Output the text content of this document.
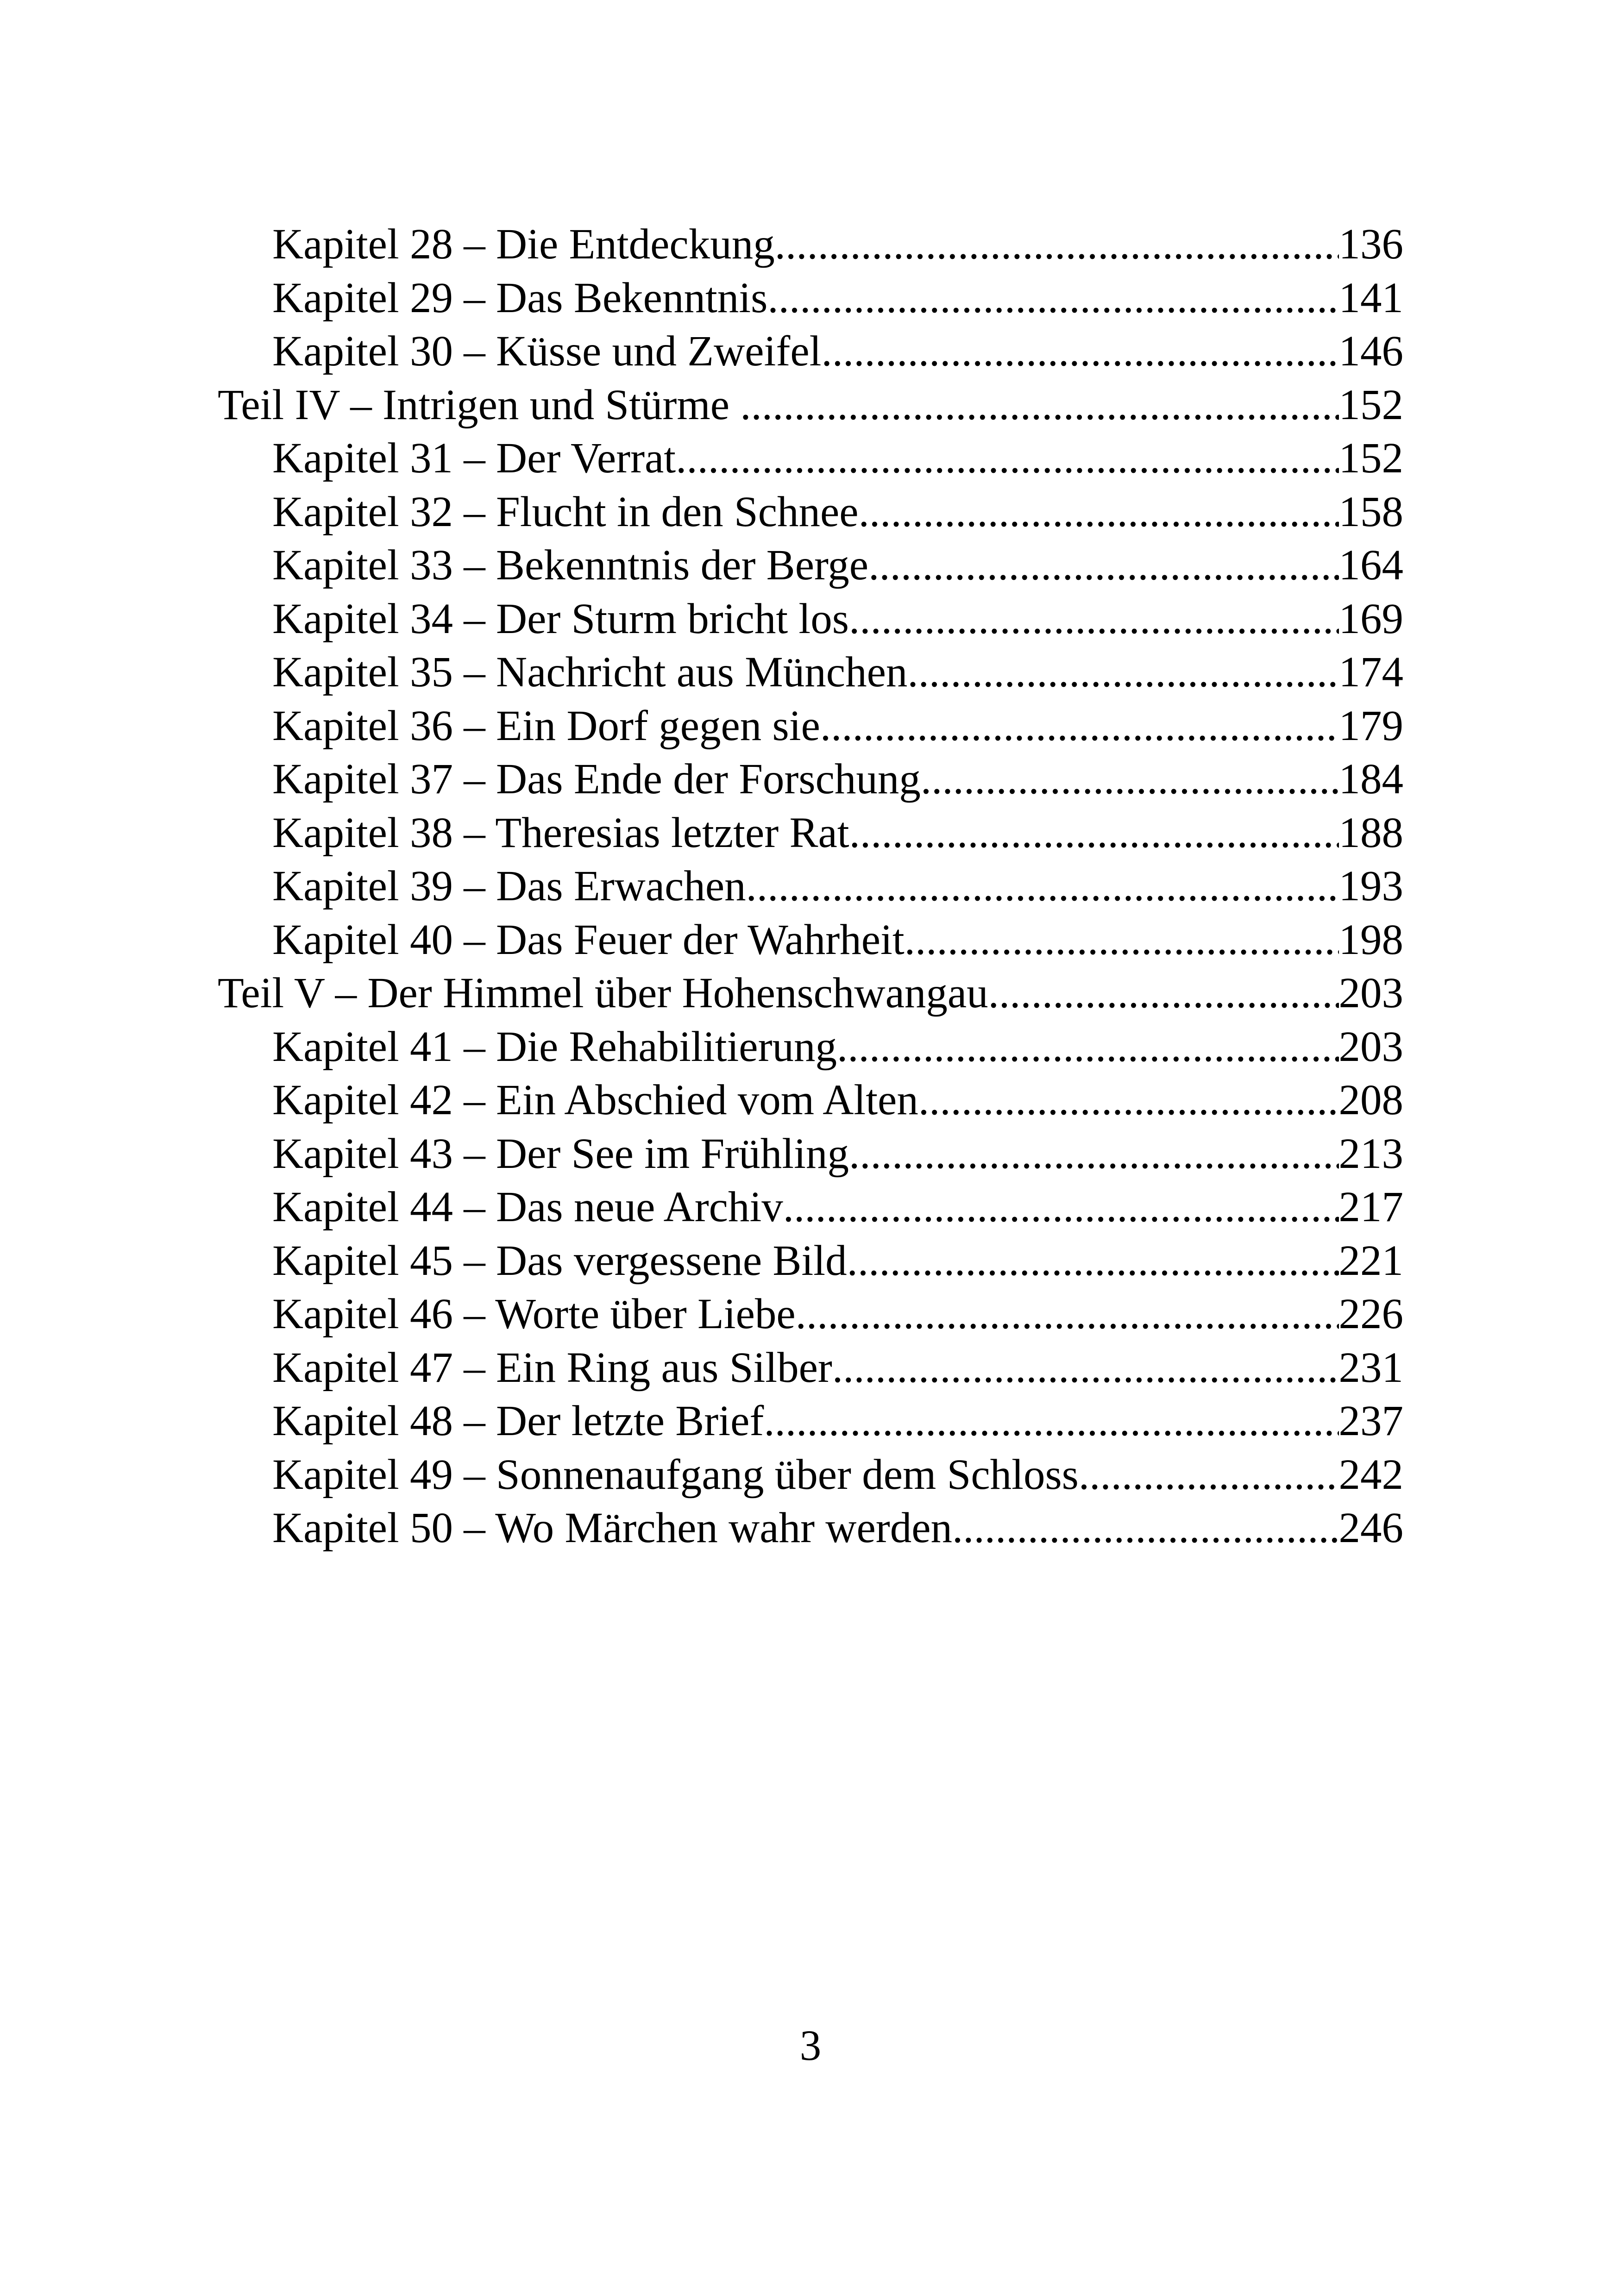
Kapitel 28 – Die Entdeckung .....	136
Kapitel 29 – Das Bekenntnis .....	141
Kapitel 30 – Küsse und Zweifel .....	146
Teil IV – Intrigen und Stürme .....	152
Kapitel 31 – Der Verrat .....	152
Kapitel 32 – Flucht in den Schnee .....	158
Kapitel 33 – Bekenntnis der Berge .....	164
Kapitel 34 – Der Sturm bricht los .....	169
Kapitel 35 – Nachricht aus München .....	174
Kapitel 36 – Ein Dorf gegen sie .....	179
Kapitel 37 – Das Ende der Forschung .....	184
Kapitel 38 – Theresias letzter Rat .....	188
Kapitel 39 – Das Erwachen .....	193
Kapitel 40 – Das Feuer der Wahrheit .....	198
Teil V – Der Himmel über Hohenschwangau .....	203
Kapitel 41 – Die Rehabilitierung .....	203
Kapitel 42 – Ein Abschied vom Alten .....	208
Kapitel 43 – Der See im Frühling .....	213
Kapitel 44 – Das neue Archiv .....	217
Kapitel 45 – Das vergessene Bild .....	221
Kapitel 46 – Worte über Liebe .....	226
Kapitel 47 – Ein Ring aus Silber .....	231
Kapitel 48 – Der letzte Brief .....	237
Kapitel 49 – Sonnenaufgang über dem Schloss .....	242
Kapitel 50 – Wo Märchen wahr werden .....	246
3
